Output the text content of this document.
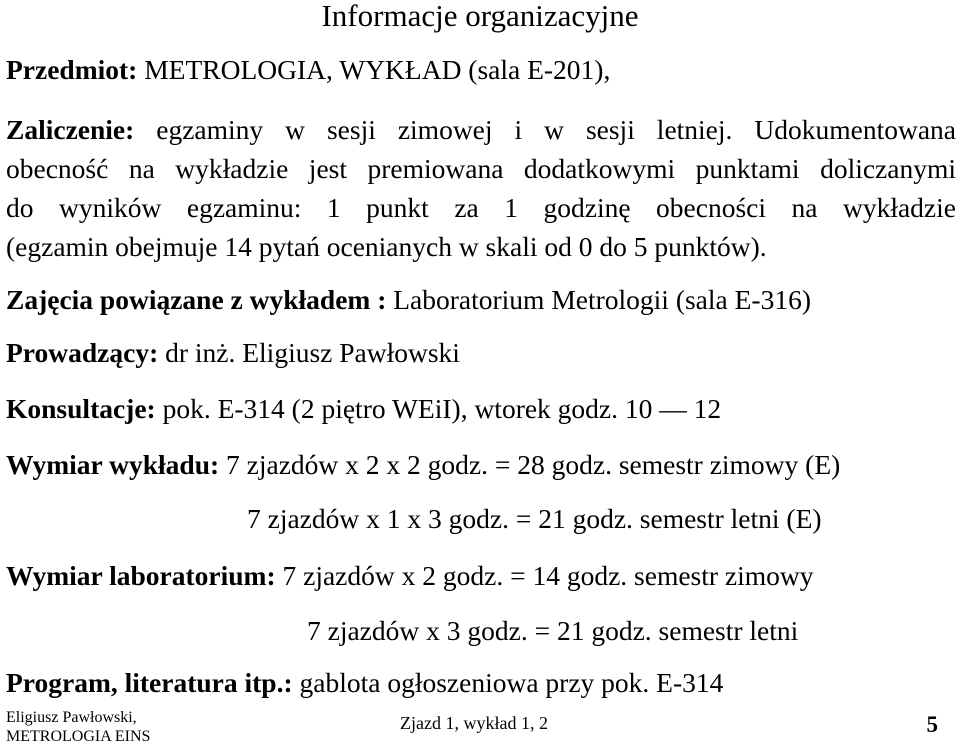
Informacje organizacyjne
Przedmiot: METROLOGIA, WYKŁAD (sala E-201),
Zaliczenie: egzaminy w sesji zimowej i w sesji letniej. Udokumentowana
obecność na wykładzie jest premiowana dodatkowymi punktami doliczanymi
do wyników egzaminu: 1 punkt za 1 godzinę obecności na wykładzie
(egzamin obejmuje 14 pytań ocenianych w skali od 0 do 5 punktów).
Zajęcia powiązane z wykładem : Laboratorium Metrologii (sala E-316)
Prowadzący: dr inż. Eligiusz Pawłowski
Konsultacje: pok. E-314 (2 piętro WEiI), wtorek godz. 10 — 12
Wymiar wykładu: 7 zjazdów x 2 x 2 godz. = 28 godz. semestr zimowy (E)
7 zjazdów x 1 x 3 godz. = 21 godz. semestr letni (E)
Wymiar laboratorium: 7 zjazdów x 2 godz. = 14 godz. semestr zimowy
7 zjazdów x 3 godz. = 21 godz. semestr letni
Program, literatura itp.: gablota ogłoszeniowa przy pok. E-314
Eligiusz Pawłowski,
METROLOGIA EINS
Zjazd 1, wykład 1, 2	5
